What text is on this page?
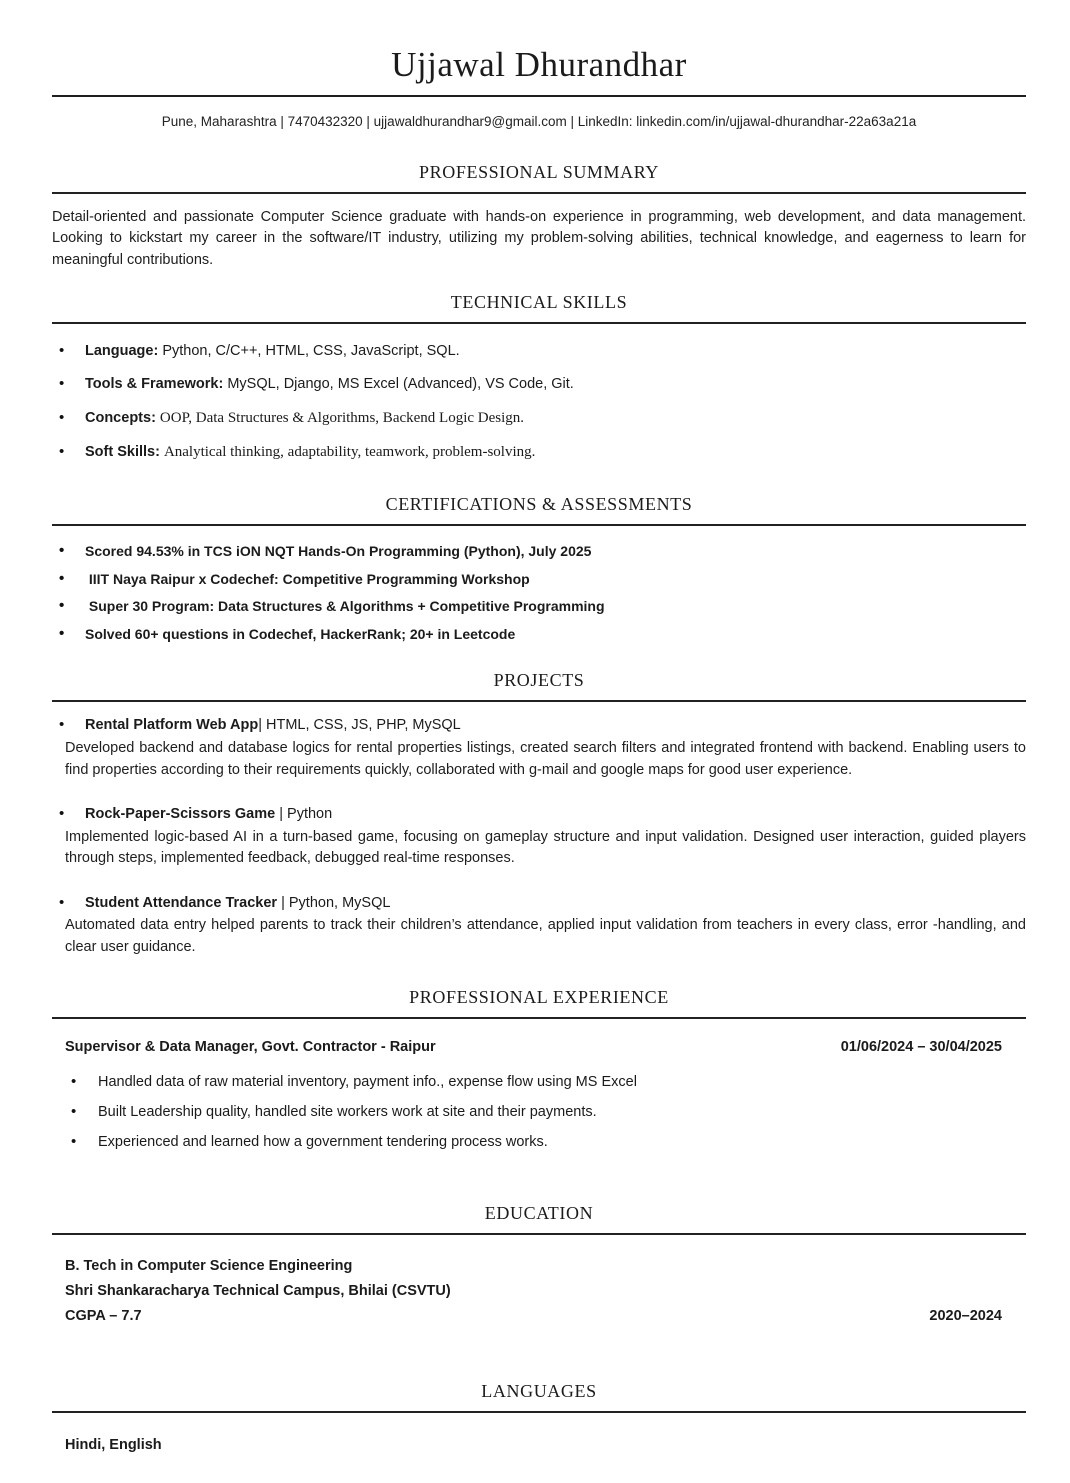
Ujjawal Dhurandhar
Pune, Maharashtra | 7470432320 | ujjawaldhurandhar9@gmail.com | LinkedIn: linkedin.com/in/ujjawal-dhurandhar-22a63a21a
PROFESSIONAL SUMMARY

Detail-oriented and passionate Computer Science graduate with hands-on experience in programming, web development, and data management. Looking to kickstart my career in the software/IT industry, utilizing my problem-solving abilities, technical knowledge, and eagerness to learn for meaningful contributions.

TECHNICAL SKILLS
• Language: Python, C/C++, HTML, CSS, JavaScript, SQL.
• Tools & Framework: MySQL, Django, MS Excel (Advanced), VS Code, Git.
• Concepts: OOP, Data Structures & Algorithms, Backend Logic Design.
• Soft Skills: Analytical thinking, adaptability, teamwork, problem-solving.
CERTIFICATIONS & ASSESSMENTS
• Scored 94.53% in TCS iON NQT Hands-On Programming (Python), July 2025
•  IIIT Naya Raipur x Codechef: Competitive Programming Workshop
•  Super 30 Program: Data Structures & Algorithms + Competitive Programming
• Solved 60+ questions in Codechef, HackerRank; 20+ in Leetcode
PROJECTS
• Rental Platform Web App| HTML, CSS, JS, PHP, MySQL

Developed backend and database logics for rental properties listings, created search filters and integrated frontend with backend. Enabling users to find properties according to their requirements quickly, collaborated with g-mail and google maps for good user experience.

• Rock-Paper-Scissors Game | Python

Implemented logic-based AI in a turn-based game, focusing on gameplay structure and input validation. Designed user interaction, guided players through steps, implemented feedback, debugged real-time responses.

• Student Attendance Tracker | Python, MySQL

Automated data entry helped parents to track their children’s attendance, applied input validation from teachers in every class, error -handling, and clear user guidance.

PROFESSIONAL EXPERIENCE
Supervisor & Data Manager, Govt. Contractor - Raipur	01/06/2024 – 30/04/2025
• Handled data of raw material inventory, payment info., expense flow using MS Excel
• Built Leadership quality, handled site workers work at site and their payments.
• Experienced and learned how a government tendering process works.
EDUCATION
B. Tech in Computer Science Engineering
Shri Shankaracharya Technical Campus, Bhilai (CSVTU)
CGPA – 7.7	2020–2024
LANGUAGES
Hindi, English
